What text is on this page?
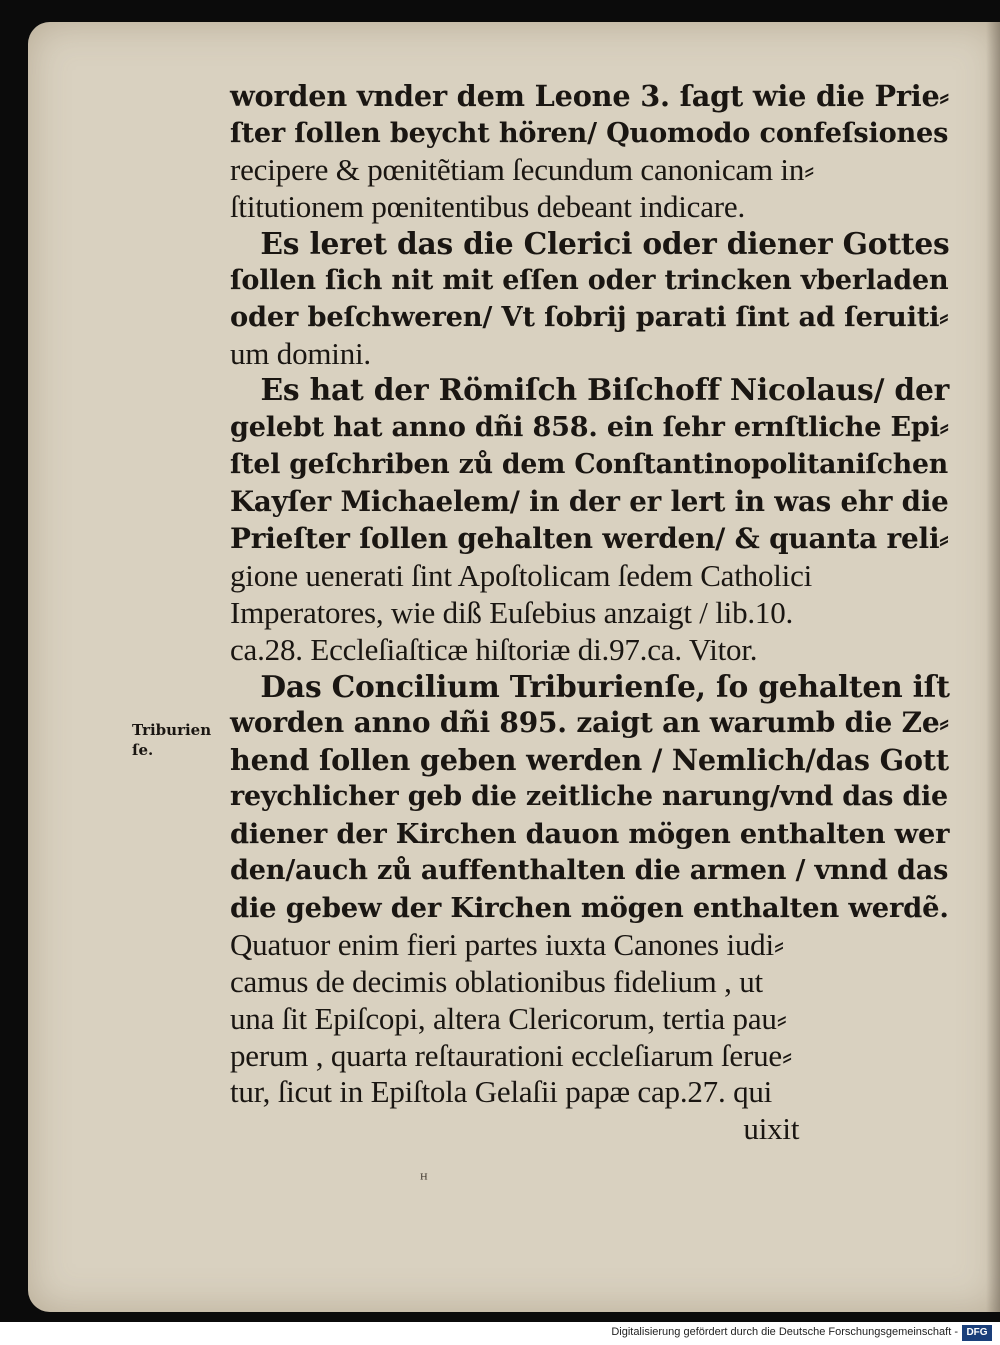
worden vnder dem Leone 3. ſagt wie die Prie⸗
ſter ſollen beycht hören/ Quomodo confeſsiones
recipere & pœnitẽtiam ſecundum canonicam in⸗
ſtitutionem pœnitentibus debeant indicare.
Es leret das die Clerici oder diener Gottes
ſollen ſich nit mit eſſen oder trincken vberladen
oder beſchweren/ Vt ſobrij parati ſint ad ſeruiti⸗
um domini.
Es hat der Römiſch Biſchoff Nicolaus/ der
gelebt hat anno dñi 858. ein ſehr ernſtliche Epi⸗
ſtel geſchriben zů dem Conſtantinopolitaniſchen
Kayſer Michaelem/ in der er lert in was ehr die
Prieſter ſollen gehalten werden/ & quanta reli⸗
gione uenerati ſint Apoſtolicam ſedem Catholici
Imperatores, wie diß Euſebius anzaigt / lib.10.
ca.28. Eccleſiaſticæ hiſtoriæ di.97.ca. Vitor.
Das Concilium Triburienſe, ſo gehalten iſt
worden anno dñi 895. zaigt an warumb die Ze⸗
hend ſollen geben werden / Nemlich/das Gott
reychlicher geb die zeitliche narung/vnd das die
diener der Kirchen dauon mögen enthalten wer
den/auch zů auffenthalten die armen / vnnd das
die gebew der Kirchen mögen enthalten werdẽ.
Quatuor enim fieri partes iuxta Canones iudi⸗
camus de decimis oblationibus fidelium , ut
una ſit Epiſcopi, altera Clericorum, tertia pau⸗
perum , quarta reſtaurationi eccleſiarum ſerue⸗
tur, ſicut in Epiſtola Gelaſii papæ cap.27. qui
uixit
Triburien
ſe.
ᴴ
Digitalisierung gefördert durch die Deutsche Forschungsgemeinschaft - DFG
